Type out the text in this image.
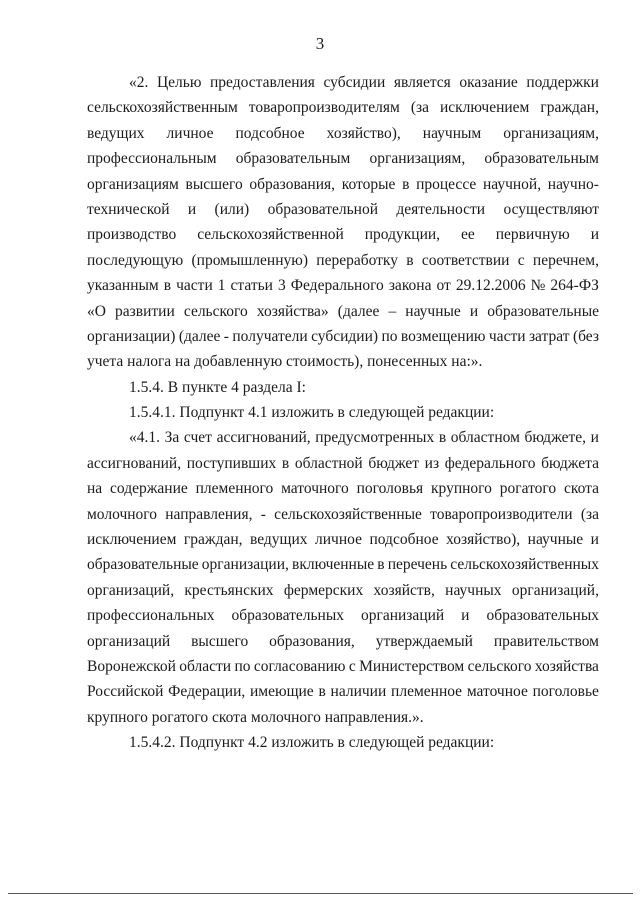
3
«2. Целью предоставления субсидии является оказание поддержки
сельскохозяйственным товаропроизводителям (за исключением граждан,
ведущих личное подсобное хозяйство), научным организациям,
профессиональным образовательным организациям, образовательным
организациям высшего образования, которые в процессе научной, научно-
технической и (или) образовательной деятельности осуществляют
производство сельскохозяйственной продукции, ее первичную и
последующую (промышленную) переработку в соответствии с перечнем,
указанным в части 1 статьи 3 Федерального закона от 29.12.2006 № 264-ФЗ
«О развитии сельского хозяйства» (далее – научные и образовательные
организации) (далее - получатели субсидии) по возмещению части затрат (без
учета налога на добавленную стоимость), понесенных на:».
1.5.4. В пункте 4 раздела I:
1.5.4.1. Подпункт 4.1 изложить в следующей редакции:
«4.1. За счет ассигнований, предусмотренных в областном бюджете, и
ассигнований, поступивших в областной бюджет из федерального бюджета
на содержание племенного маточного поголовья крупного рогатого скота
молочного направления, - сельскохозяйственные товаропроизводители (за
исключением граждан, ведущих личное подсобное хозяйство), научные и
образовательные организации, включенные в перечень сельскохозяйственных
организаций, крестьянских фермерских хозяйств, научных организаций,
профессиональных образовательных организаций и образовательных
организаций высшего образования, утверждаемый правительством
Воронежской области по согласованию с Министерством сельского хозяйства
Российской Федерации, имеющие в наличии племенное маточное поголовье
крупного рогатого скота молочного направления.».
1.5.4.2. Подпункт 4.2 изложить в следующей редакции:
